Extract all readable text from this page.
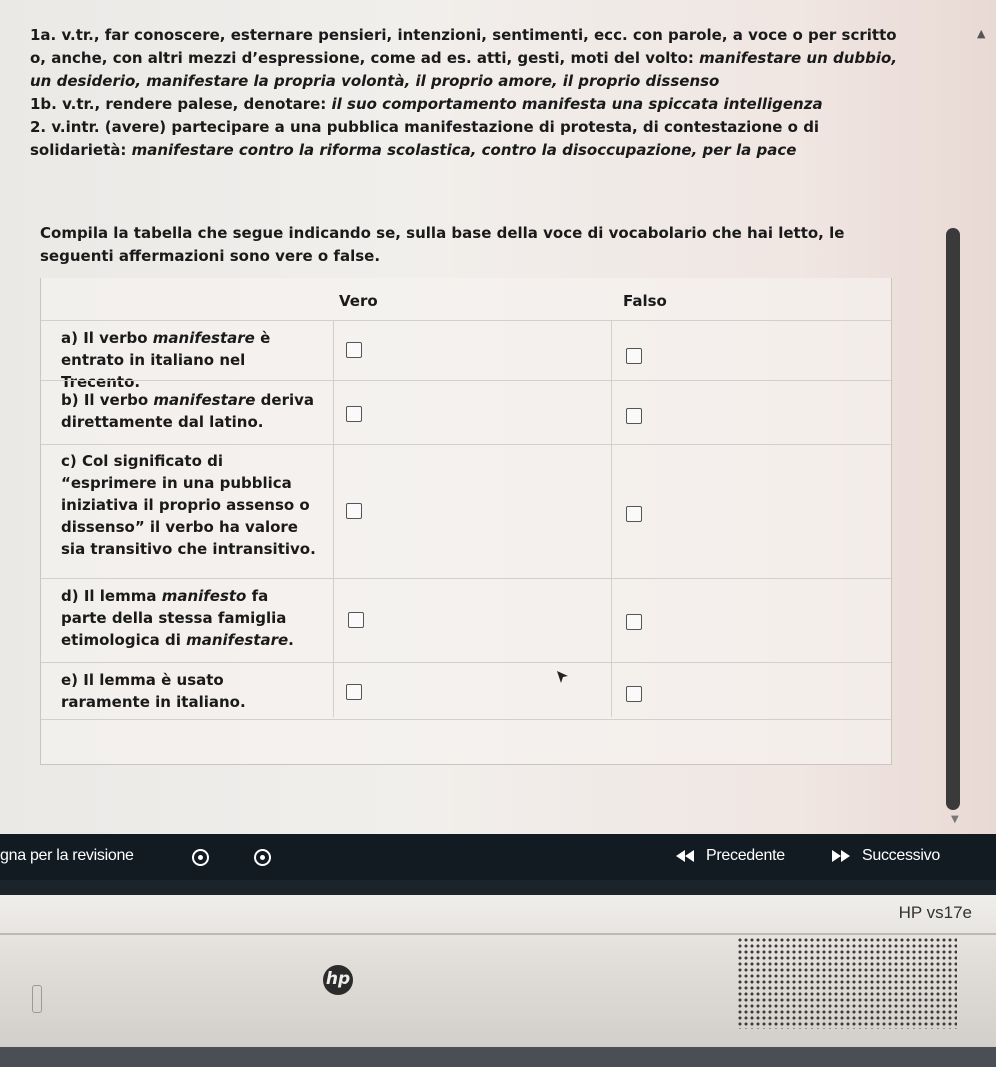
▲

1a. v.tr., far conoscere, esternare pensieri, intenzioni, sentimenti, ecc. con parole, a voce o per scritto o, anche, con altri mezzi d’espressione, come ad es. atti, gesti, moti del volto: manifestare un dubbio, un desiderio, manifestare la propria volontà, il proprio amore, il proprio dissenso

1b. v.tr., rendere palese, denotare: il suo comportamento manifesta una spiccata intelligenza

2. v.intr. (avere) partecipare a una pubblica manifestazione di protesta, di contestazione o di solidarietà: manifestare contro la riforma scolastica, contro la disoccupazione, per la pace

Compila la tabella che segue indicando se, sulla base della voce di vocabolario che hai letto, le seguenti affermazioni sono vere o false.
Vero	Falso
a) Il verbo manifestare è entrato in italiano nel Trecento.
b) Il verbo manifestare deriva direttamente dal latino.
c) Col significato di “esprimere in una pubblica iniziativa il proprio assenso o dissenso” il verbo ha valore sia transitivo che intransitivo.
d) Il lemma manifesto fa parte della stessa famiglia etimologica di manifestare.
e) Il lemma è usato raramente in italiano.
▼
gna per la revisione	Precedente	Successivo
HP vs17e
hp
